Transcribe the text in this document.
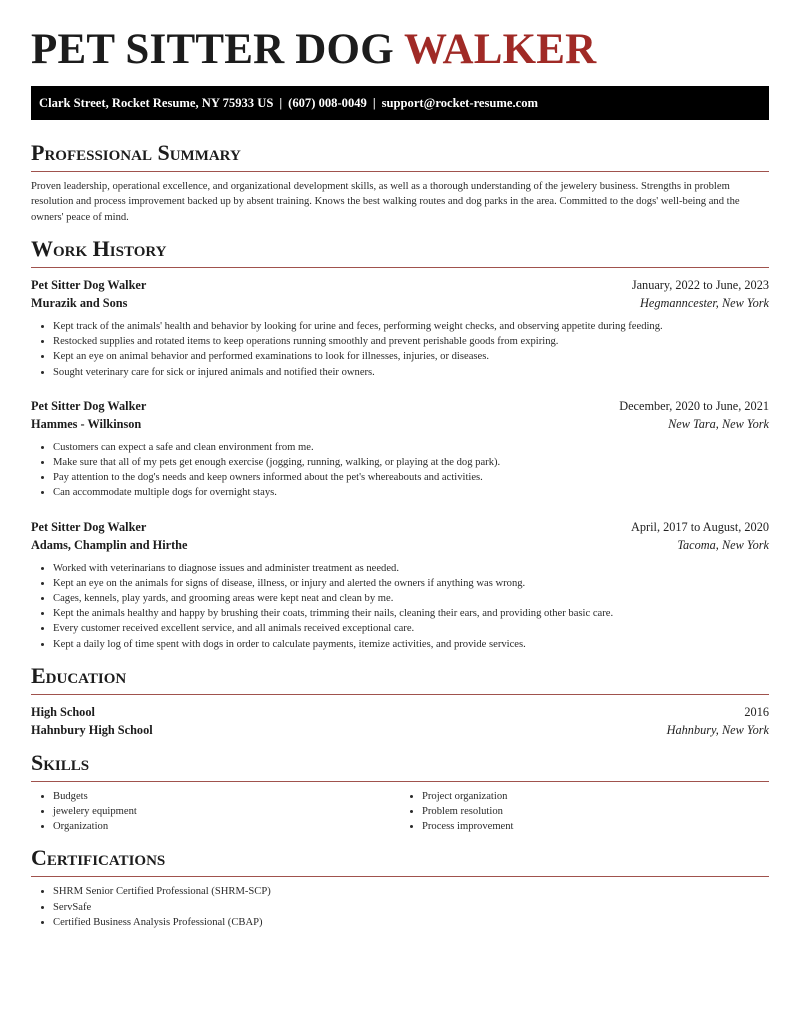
PET SITTER DOG WALKER
Clark Street, Rocket Resume, NY 75933 US | (607) 008-0049 | support@rocket-resume.com
Professional Summary

Proven leadership, operational excellence, and organizational development skills, as well as a thorough understanding of the jewelery business. Strengths in problem resolution and process improvement backed up by absent training. Knows the best walking routes and dog parks in the area. Committed to the dogs' well-being and the owners' peace of mind.

Work History
Pet Sitter Dog Walker	January, 2022 to June, 2023
Murazik and Sons	Hegmanncester, New York
• Kept track of the animals' health and behavior by looking for urine and feces, performing weight checks, and observing appetite during feeding.
• Restocked supplies and rotated items to keep operations running smoothly and prevent perishable goods from expiring.
• Kept an eye on animal behavior and performed examinations to look for illnesses, injuries, or diseases.
• Sought veterinary care for sick or injured animals and notified their owners.
Pet Sitter Dog Walker	December, 2020 to June, 2021
Hammes - Wilkinson	New Tara, New York
• Customers can expect a safe and clean environment from me.
• Make sure that all of my pets get enough exercise (jogging, running, walking, or playing at the dog park).
• Pay attention to the dog's needs and keep owners informed about the pet's whereabouts and activities.
• Can accommodate multiple dogs for overnight stays.
Pet Sitter Dog Walker	April, 2017 to August, 2020
Adams, Champlin and Hirthe	Tacoma, New York
• Worked with veterinarians to diagnose issues and administer treatment as needed.
• Kept an eye on the animals for signs of disease, illness, or injury and alerted the owners if anything was wrong.
• Cages, kennels, play yards, and grooming areas were kept neat and clean by me.
• Kept the animals healthy and happy by brushing their coats, trimming their nails, cleaning their ears, and providing other basic care.
• Every customer received excellent service, and all animals received exceptional care.
• Kept a daily log of time spent with dogs in order to calculate payments, itemize activities, and provide services.
Education
High School	2016
Hahnbury High School	Hahnbury, New York
Skills
• Budgets
• jewelery equipment
• Organization
• Project organization
• Problem resolution
• Process improvement
Certifications
• SHRM Senior Certified Professional (SHRM-SCP)
• ServSafe
• Certified Business Analysis Professional (CBAP)
